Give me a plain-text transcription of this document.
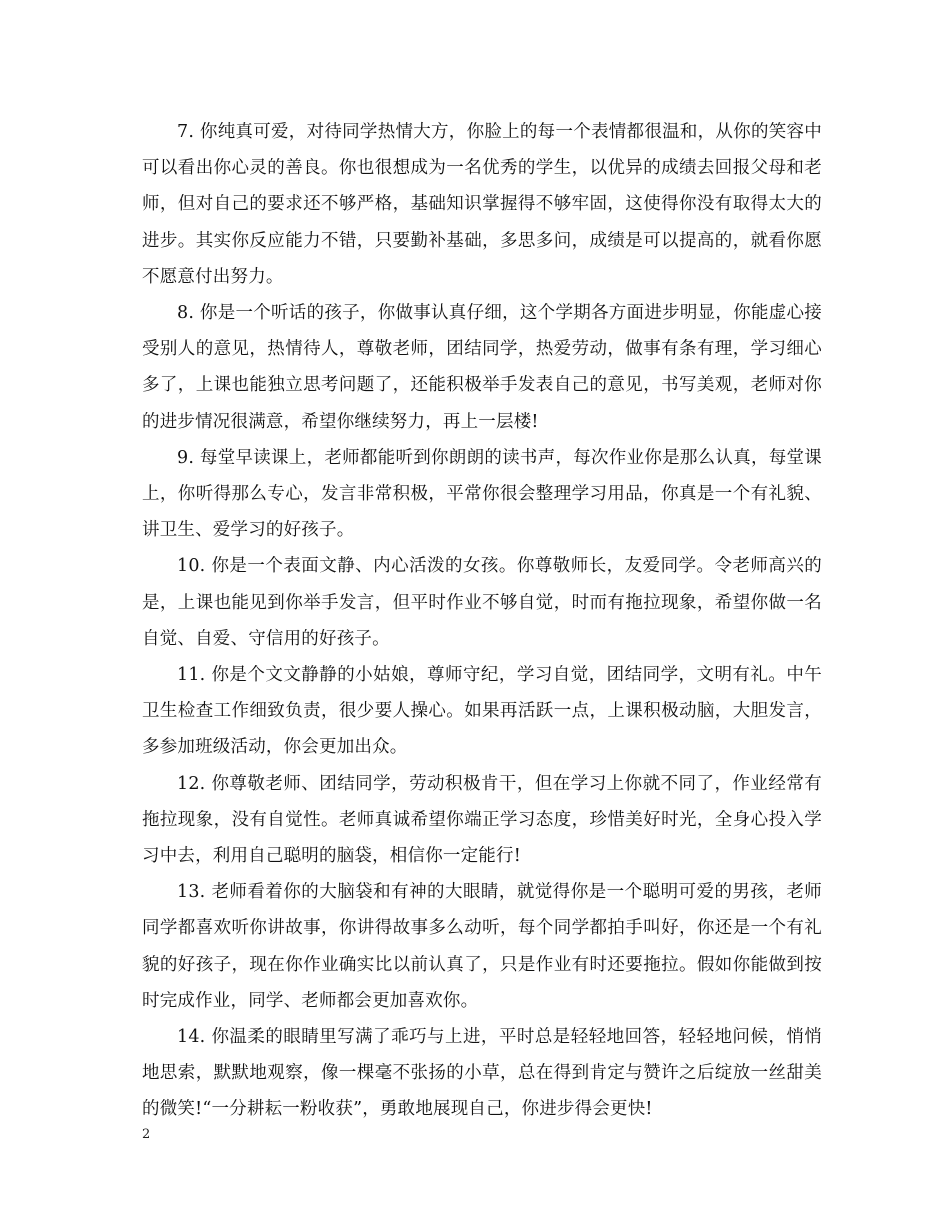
7. 你纯真可爱，对待同学热情大方，你脸上的每一个表情都很温和，从你的笑容中可以看出你心灵的善良。你也很想成为一名优秀的学生，以优异的成绩去回报父母和老师，但对自己的要求还不够严格，基础知识掌握得不够牢固，这使得你没有取得太大的进步。其实你反应能力不错，只要勤补基础，多思多问，成绩是可以提高的，就看你愿不愿意付出努力。

8. 你是一个听话的孩子，你做事认真仔细，这个学期各方面进步明显，你能虚心接受别人的意见，热情待人，尊敬老师，团结同学，热爱劳动，做事有条有理，学习细心多了，上课也能独立思考问题了，还能积极举手发表自己的意见，书写美观，老师对你的进步情况很满意，希望你继续努力，再上一层楼!

9. 每堂早读课上，老师都能听到你朗朗的读书声，每次作业你是那么认真，每堂课上，你听得那么专心，发言非常积极，平常你很会整理学习用品，你真是一个有礼貌、讲卫生、爱学习的好孩子。

10. 你是一个表面文静、内心活泼的女孩。你尊敬师长，友爱同学。令老师高兴的是，上课也能见到你举手发言，但平时作业不够自觉，时而有拖拉现象，希望你做一名自觉、自爱、守信用的好孩子。

11. 你是个文文静静的小姑娘，尊师守纪，学习自觉，团结同学，文明有礼。中午卫生检查工作细致负责，很少要人操心。如果再活跃一点，上课积极动脑，大胆发言，多参加班级活动，你会更加出众。

12. 你尊敬老师、团结同学，劳动积极肯干，但在学习上你就不同了，作业经常有拖拉现象，没有自觉性。老师真诚希望你端正学习态度，珍惜美好时光，全身心投入学习中去，利用自己聪明的脑袋，相信你一定能行!

13. 老师看着你的大脑袋和有神的大眼睛，就觉得你是一个聪明可爱的男孩，老师同学都喜欢听你讲故事，你讲得故事多么动听，每个同学都拍手叫好，你还是一个有礼貌的好孩子，现在你作业确实比以前认真了，只是作业有时还要拖拉。假如你能做到按时完成作业，同学、老师都会更加喜欢你。

14. 你温柔的眼睛里写满了乖巧与上进，平时总是轻轻地回答，轻轻地问候，悄悄地思索，默默地观察，像一棵毫不张扬的小草，总在得到肯定与赞许之后绽放一丝甜美的微笑!“一分耕耘一粉收获”，勇敢地展现自己，你进步得会更快!

2
